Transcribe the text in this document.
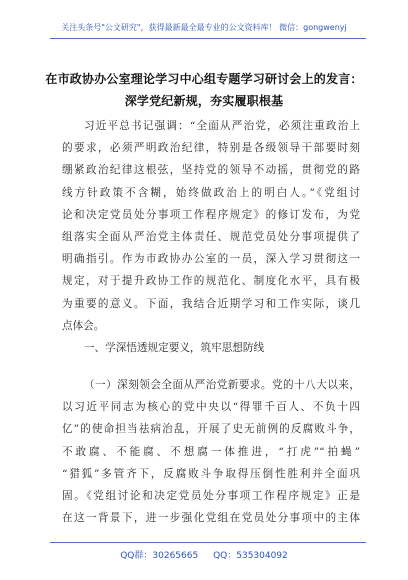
关注头条号"公文研究"，获得最新最全最专业的公文资料库！ 微信：gongwenyj
在市政协办公室理论学习中心组专题学习研讨会上的发言：
深学党纪新规，夯实履职根基
习近平总书记强调：“全面从严治党，必须注重政治上
的要求，必须严明政治纪律，特别是各级领导干部要时刻
绷紧政治纪律这根弦，坚持党的领导不动摇，贯彻党的路
线方针政策不含糊，始终做政治上的明白人。”《党组讨
论和决定党员处分事项工作程序规定》的修订发布，为党
组落实全面从严治党主体责任、规范党员处分事项提供了
明确指引。作为市政协办公室的一员，深入学习贯彻这一
规定，对于提升政协工作的规范化、制度化水平，具有极
为重要的意义。下面，我结合近期学习和工作实际，谈几
点体会。
一、学深悟透规定要义，筑牢思想防线
（一）深刻领会全面从严治党新要求。党的十八大以来，
以习近平同志为核心的党中央以“得罪千百人、不负十四
亿”的使命担当祛病治乱，开展了史无前例的反腐败斗争，
不敢腐、不能腐、不想腐一体推进，“打虎”“拍蝇”
“猎狐”多管齐下，反腐败斗争取得压倒性胜利并全面巩
固。《党组讨论和决定党员处分事项工作程序规定》正是
在这一背景下，进一步强化党组在党员处分事项中的主体
QQ群：30265665 QQ：535304092
